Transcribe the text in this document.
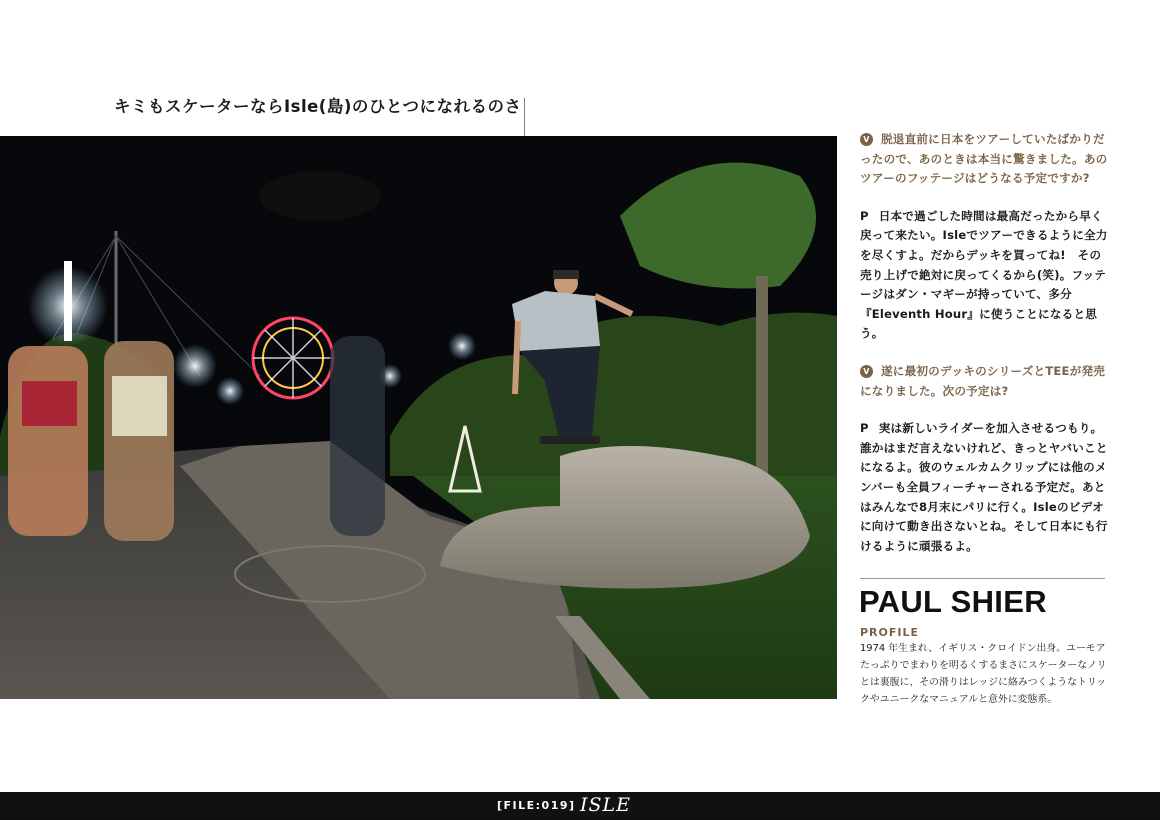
キミもスケーターならIsle(島)のひとつになれるのさ

V 脱退直前に日本をツアーしていたばかりだったので、あのときは本当に驚きました。あのツアーのフッテージはどうなる予定ですか?

P 日本で過ごした時間は最高だったから早く戻って来たい。Isleでツアーできるように全力を尽くすよ。だからデッキを買ってね!　その売り上げで絶対に戻ってくるから(笑)。フッテージはダン・マギーが持っていて、多分『Eleventh Hour』に使うことになると思う。

V 遂に最初のデッキのシリーズとTEEが発売になりました。次の予定は?

P 実は新しいライダーを加入させるつもり。誰かはまだ言えないけれど、きっとヤバいことになるよ。彼のウェルカムクリップには他のメンバーも全員フィーチャーされる予定だ。あとはみんなで8月末にパリに行く。Isleのビデオに向けて動き出さないとね。そして日本にも行けるように頑張るよ。

PAUL SHIER
PROFILE
1974 年生まれ、イギリス・クロイドン出身。ユーモアたっぷりでまわりを明るくするまさにスケーターなノリとは裏腹に、その滑りはレッジに絡みつくようなトリックやユニークなマニュアルと意外に変態系。
[FILE:019] ISLE
